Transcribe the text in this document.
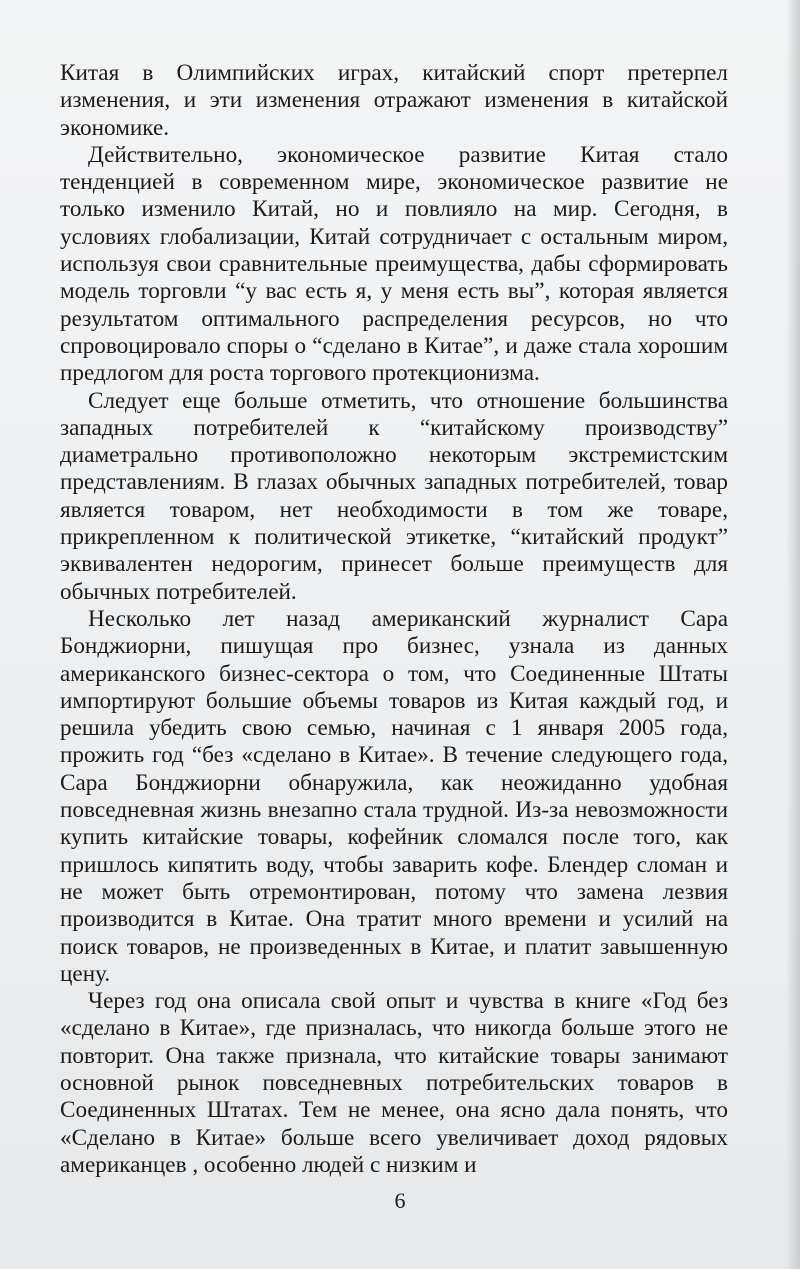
Китая в Олимпийских играх, китайский спорт претерпел изменения, и эти изменения отражают изменения в китайской экономике.

Действительно, экономическое развитие Китая стало тенденцией в современном мире, экономическое развитие не только изменило Китай, но и повлияло на мир. Сегодня, в условиях глобализации, Китай сотрудничает с остальным миром, используя свои сравнительные преимущества, дабы сформировать модель торговли “у вас есть я, у меня есть вы”, которая является результатом оптимального распределения ресурсов, но что спровоцировало споры о “сделано в Китае”, и даже стала хорошим предлогом для роста торгового протекционизма.

Следует еще больше отметить, что отношение большинства западных потребителей к “китайскому производству” диаметрально противоположно некоторым экстремистским представлениям. В глазах обычных западных потребителей, товар является товаром, нет необходимости в том же товаре, прикрепленном к политической этикетке, “китайский продукт” эквивалентен недорогим, принесет больше преимуществ для обычных потребителей.

Несколько лет назад американский журналист Сара Бонджиорни, пишущая про бизнес, узнала из данных американского бизнес-сектора о том, что Соединенные Штаты импортируют большие объемы товаров из Китая каждый год, и решила убедить свою семью, начиная с 1 января 2005 года, прожить год “без «сделано в Китае». В течение следующего года, Сара Бонджиорни обнаружила, как неожиданно удобная повседневная жизнь внезапно стала трудной. Из-за невозможности купить китайские товары, кофейник сломался после того, как пришлось кипятить воду, чтобы заварить кофе. Блендер сломан и не может быть отремонтирован, потому что замена лезвия производится в Китае. Она тратит много времени и усилий на поиск товаров, не произведенных в Китае, и платит завышенную цену.

Через год она описала свой опыт и чувства в книге «Год без «сделано в Китае», где призналась, что никогда больше этого не повторит. Она также признала, что китайские товары занимают основной рынок повседневных потребительских товаров в Соединенных Штатах. Тем не менее, она ясно дала понять, что «Сделано в Китае» больше всего увеличивает доход рядовых американцев , особенно людей с низким и

6
